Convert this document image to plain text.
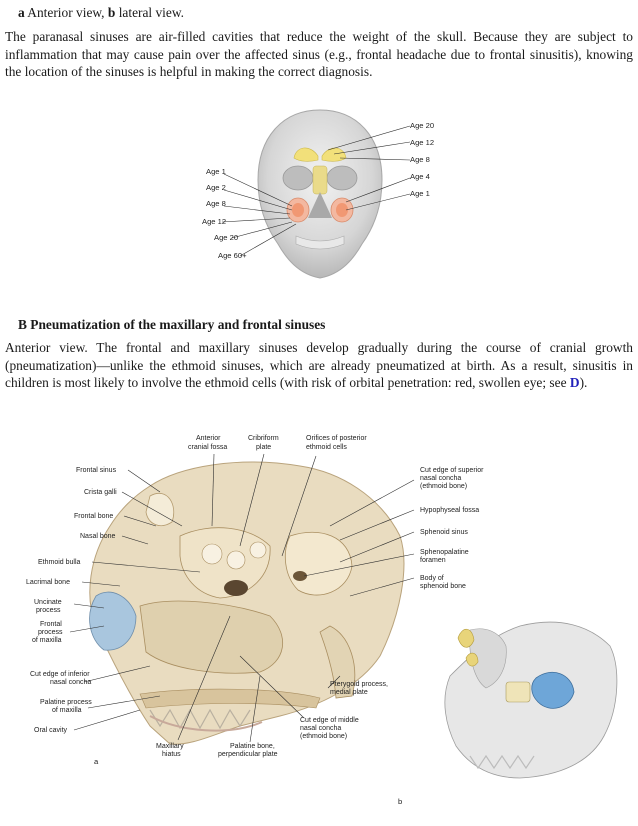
a Anterior view, b lateral view.
The paranasal sinuses are air-filled cavities that reduce the weight of the skull. Because they are subject to inflammation that may cause pain over the affected sinus (e.g., frontal headache due to frontal sinusitis), knowing the location of the sinuses is helpful in making the correct diagnosis.
Age 1
Age 2
Age 8
Age 12
Age 20
Age 60+
Age 20
Age 12
Age 8
Age 4
Age 1
B Pneumatization of the maxillary and frontal sinuses
Anterior view. The frontal and maxillary sinuses develop gradually during the course of cranial growth (pneumatization)—unlike the ethmoid sinuses, which are already pneumatized at birth. As a result, sinusitis in children is most likely to involve the ethmoid cells (with risk of orbital penetration: red, swollen eye; see D).
Anterior cranial fossa
Cribriform plate
Orifices of posterior ethmoid cells
Frontal sinus
Crista galli
Frontal bone
Nasal bone
Ethmoid bulla
Lacrimal bone
Uncinate process
Frontal process of maxilla
Cut edge of inferior nasal concha
Palatine process of maxilla
Oral cavity
Cut edge of superior nasal concha (ethmoid bone)
Hypophyseal fossa
Sphenoid sinus
Sphenopalatine foramen
Body of sphenoid bone
Pterygoid process, medial plate
Cut edge of middle nasal concha (ethmoid bone)
Maxillary hiatus
Palatine bone, perpendicular plate
a
b
